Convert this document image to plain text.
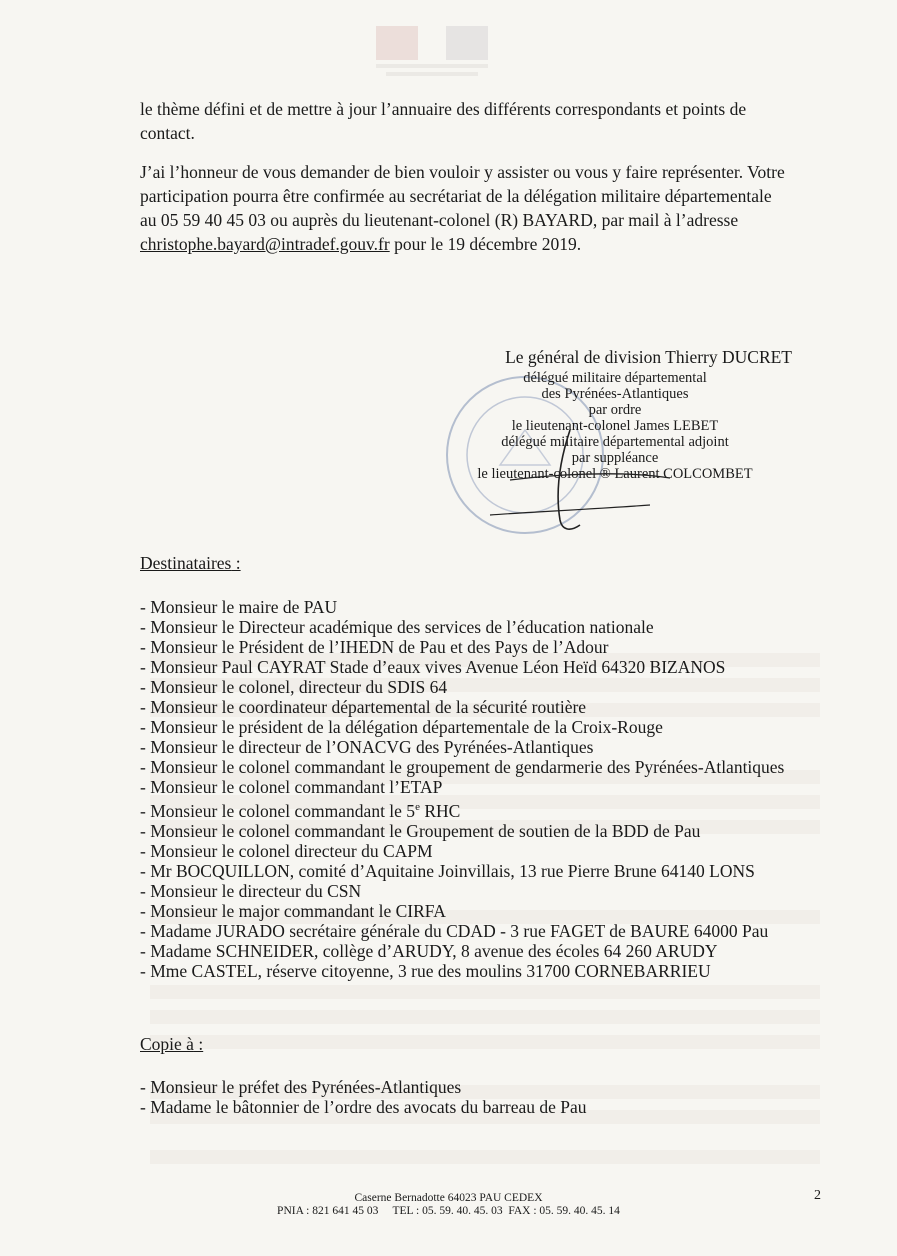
le thème défini et de mettre à jour l’annuaire des différents correspondants et points de
contact.
J’ai l’honneur de vous demander de bien vouloir y assister ou vous y faire représenter. Votre
participation pourra être confirmée au secrétariat de la délégation militaire départementale
au 05 59 40 45 03 ou auprès du lieutenant-colonel (R) BAYARD, par mail à l’adresse
christophe.bayard@intradef.gouv.fr pour le 19 décembre 2019.
Le général de division Thierry DUCRET
délégué militaire départemental
des Pyrénées-Atlantiques
par ordre
le lieutenant-colonel James LEBET
délégué militaire départemental adjoint
par suppléance
le lieutenant-colonel ® Laurent COLCOMBET
Destinataires :
- Monsieur le maire de PAU
- Monsieur le Directeur académique des services de l’éducation nationale
- Monsieur le Président de l’IHEDN de Pau et des Pays de l’Adour
- Monsieur Paul CAYRAT Stade d’eaux vives Avenue Léon Heïd 64320 BIZANOS
- Monsieur le colonel, directeur du SDIS 64
- Monsieur le coordinateur départemental de la sécurité routière
- Monsieur le président de la délégation départementale de la Croix-Rouge
- Monsieur le directeur de l’ONACVG des Pyrénées-Atlantiques
- Monsieur le colonel commandant le groupement de gendarmerie des Pyrénées-Atlantiques
- Monsieur le colonel commandant l’ETAP
- Monsieur le colonel commandant le 5e RHC
- Monsieur le colonel commandant le Groupement de soutien de la BDD de Pau
- Monsieur le colonel directeur du CAPM
- Mr BOCQUILLON, comité d’Aquitaine Joinvillais, 13 rue Pierre Brune 64140 LONS
- Monsieur le directeur du CSN
- Monsieur le major commandant le CIRFA
- Madame JURADO secrétaire générale du CDAD - 3 rue FAGET de BAURE 64000 Pau
- Madame SCHNEIDER, collège d’ARUDY, 8 avenue des écoles 64 260 ARUDY
- Mme CASTEL, réserve citoyenne, 3 rue des moulins 31700 CORNEBARRIEU
Copie à :
- Monsieur le préfet des Pyrénées-Atlantiques
- Madame le bâtonnier de l’ordre des avocats du barreau de Pau
Caserne Bernadotte 64023 PAU CEDEX
PNIA : 821 641 45 03     TEL : 05. 59. 40. 45. 03  FAX : 05. 59. 40. 45. 14
2
